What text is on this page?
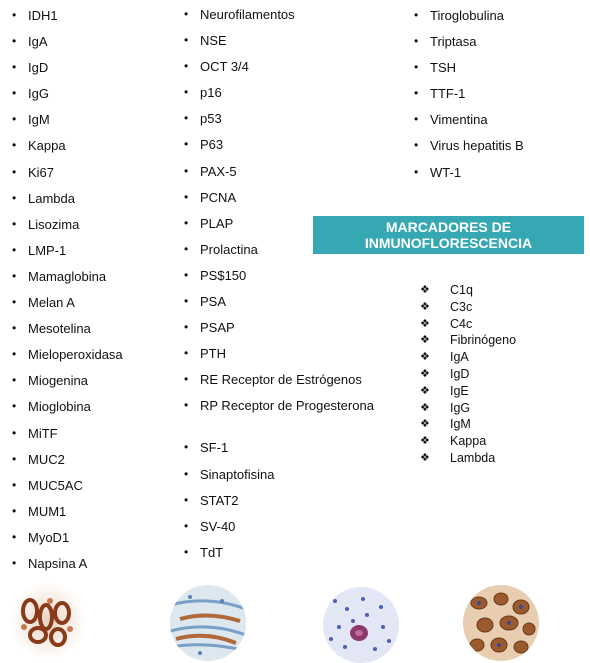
• IDH1
• IgA
• IgD
• IgG
• IgM
• Kappa
• Ki67
• Lambda
• Lisozima
• LMP-1
• Mamaglobina
• Melan A
• Mesotelina
• Mieloperoxidasa
• Miogenina
• Mioglobina
• MiTF
• MUC2
• MUC5AC
• MUM1
• MyoD1
• Napsina A
• Neurofilamentos
• NSE
• OCT 3/4
• p16
• p53
• P63
• PAX-5
• PCNA
• PLAP
• Prolactina
• PS$150
• PSA
• PSAP
• PTH
• RE Receptor de Estrógenos
• RP Receptor de Progesterona
• SF-1
• Sinaptofisina
• STAT2
• SV-40
• TdT
• Tiroglobulina
• Triptasa
• TSH
• TTF-1
• Vimentina
• Virus hepatitis B
• WT-1
MARCADORES DE
INMUNOFLORESCENCIA
❖ C1q
❖ C3c
❖ C4c
❖ Fibrinógeno
❖ IgA
❖ IgD
❖ IgE
❖ IgG
❖ IgM
❖ Kappa
❖ Lambda
